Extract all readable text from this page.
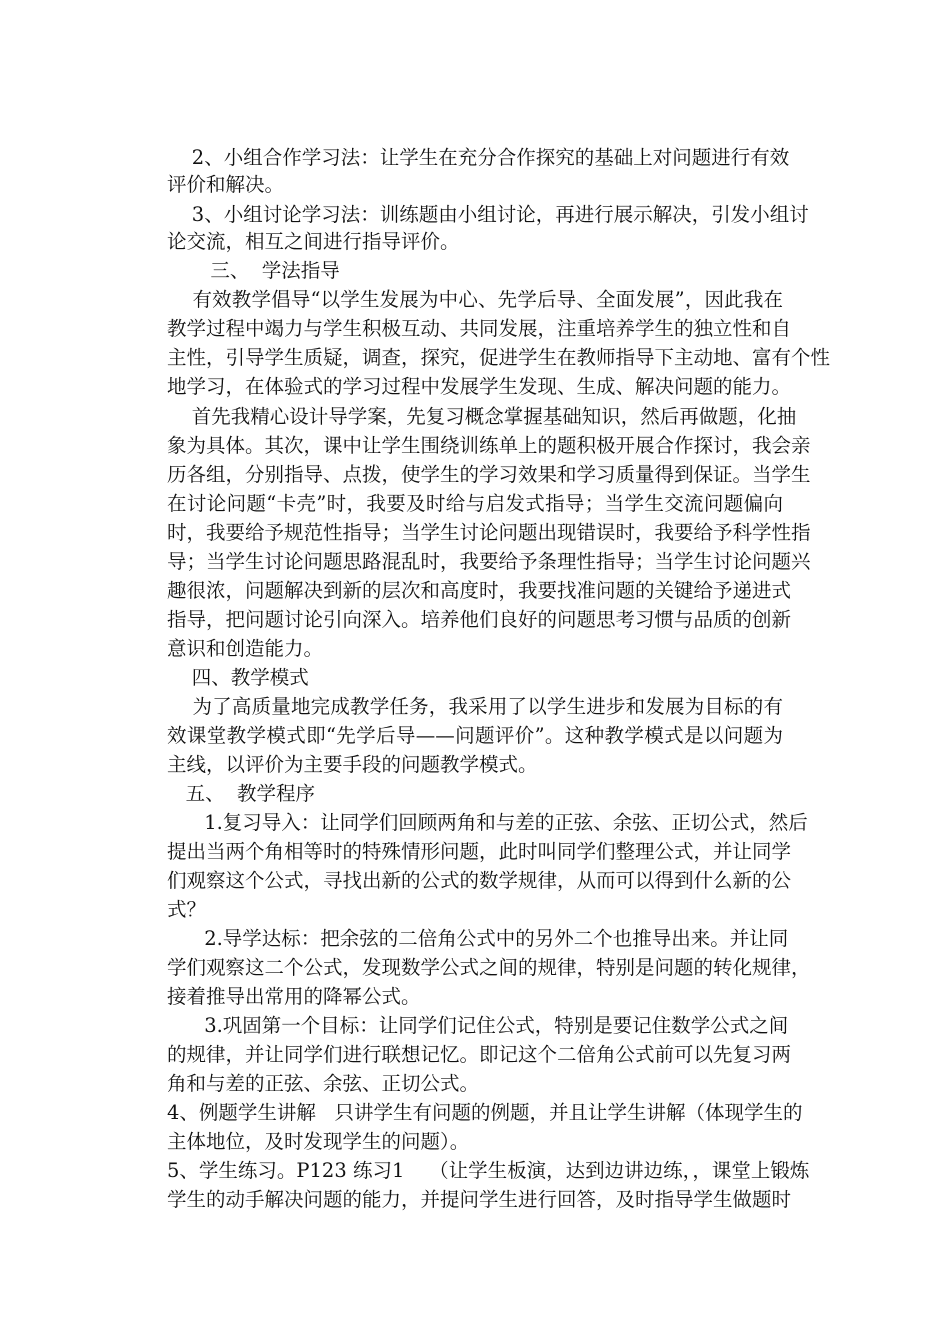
2、小组合作学习法：让学生在充分合作探究的基础上对问题进行有效
评价和解决。
3、小组讨论学习法：训练题由小组讨论，再进行展示解决，引发小组讨
论交流，相互之间进行指导评价。
三、  学法指导
有效教学倡导“以学生发展为中心、先学后导、全面发展”，因此我在
教学过程中竭力与学生积极互动、共同发展，注重培养学生的独立性和自
主性，引导学生质疑，调查，探究，促进学生在教师指导下主动地、富有个性
地学习，在体验式的学习过程中发展学生发现、生成、解决问题的能力。
首先我精心设计导学案，先复习概念掌握基础知识，然后再做题，化抽
象为具体。其次，课中让学生围绕训练单上的题积极开展合作探讨，我会亲
历各组，分别指导、点拨，使学生的学习效果和学习质量得到保证。当学生
在讨论问题“卡壳”时，我要及时给与启发式指导；当学生交流问题偏向
时，我要给予规范性指导；当学生讨论问题出现错误时，我要给予科学性指
导；当学生讨论问题思路混乱时，我要给予条理性指导；当学生讨论问题兴
趣很浓，问题解决到新的层次和高度时，我要找准问题的关键给予递进式
指导，把问题讨论引向深入。培养他们良好的问题思考习惯与品质的创新
意识和创造能力。
四、教学模式
为了高质量地完成教学任务，我采用了以学生进步和发展为目标的有
效课堂教学模式即“先学后导——问题评价”。这种教学模式是以问题为
主线，以评价为主要手段的问题教学模式。
五、  教学程序
1.复习导入：让同学们回顾两角和与差的正弦、余弦、正切公式，然后
提出当两个角相等时的特殊情形问题，此时叫同学们整理公式，并让同学
们观察这个公式，寻找出新的公式的数学规律，从而可以得到什么新的公
式？
2.导学达标：把余弦的二倍角公式中的另外二个也推导出来。并让同
学们观察这二个公式，发现数学公式之间的规律，特别是问题的转化规律，
接着推导出常用的降幂公式。
3.巩固第一个目标：让同学们记住公式，特别是要记住数学公式之间
的规律，并让同学们进行联想记忆。即记这个二倍角公式前可以先复习两
角和与差的正弦、余弦、正切公式。
4、例题学生讲解   只讲学生有问题的例题，并且让学生讲解（体现学生的
主体地位，及时发现学生的问题）。
5、学生练习。P123 练习1    （让学生板演，达到边讲边练，，课堂上锻炼
学生的动手解决问题的能力，并提问学生进行回答，及时指导学生做题时
